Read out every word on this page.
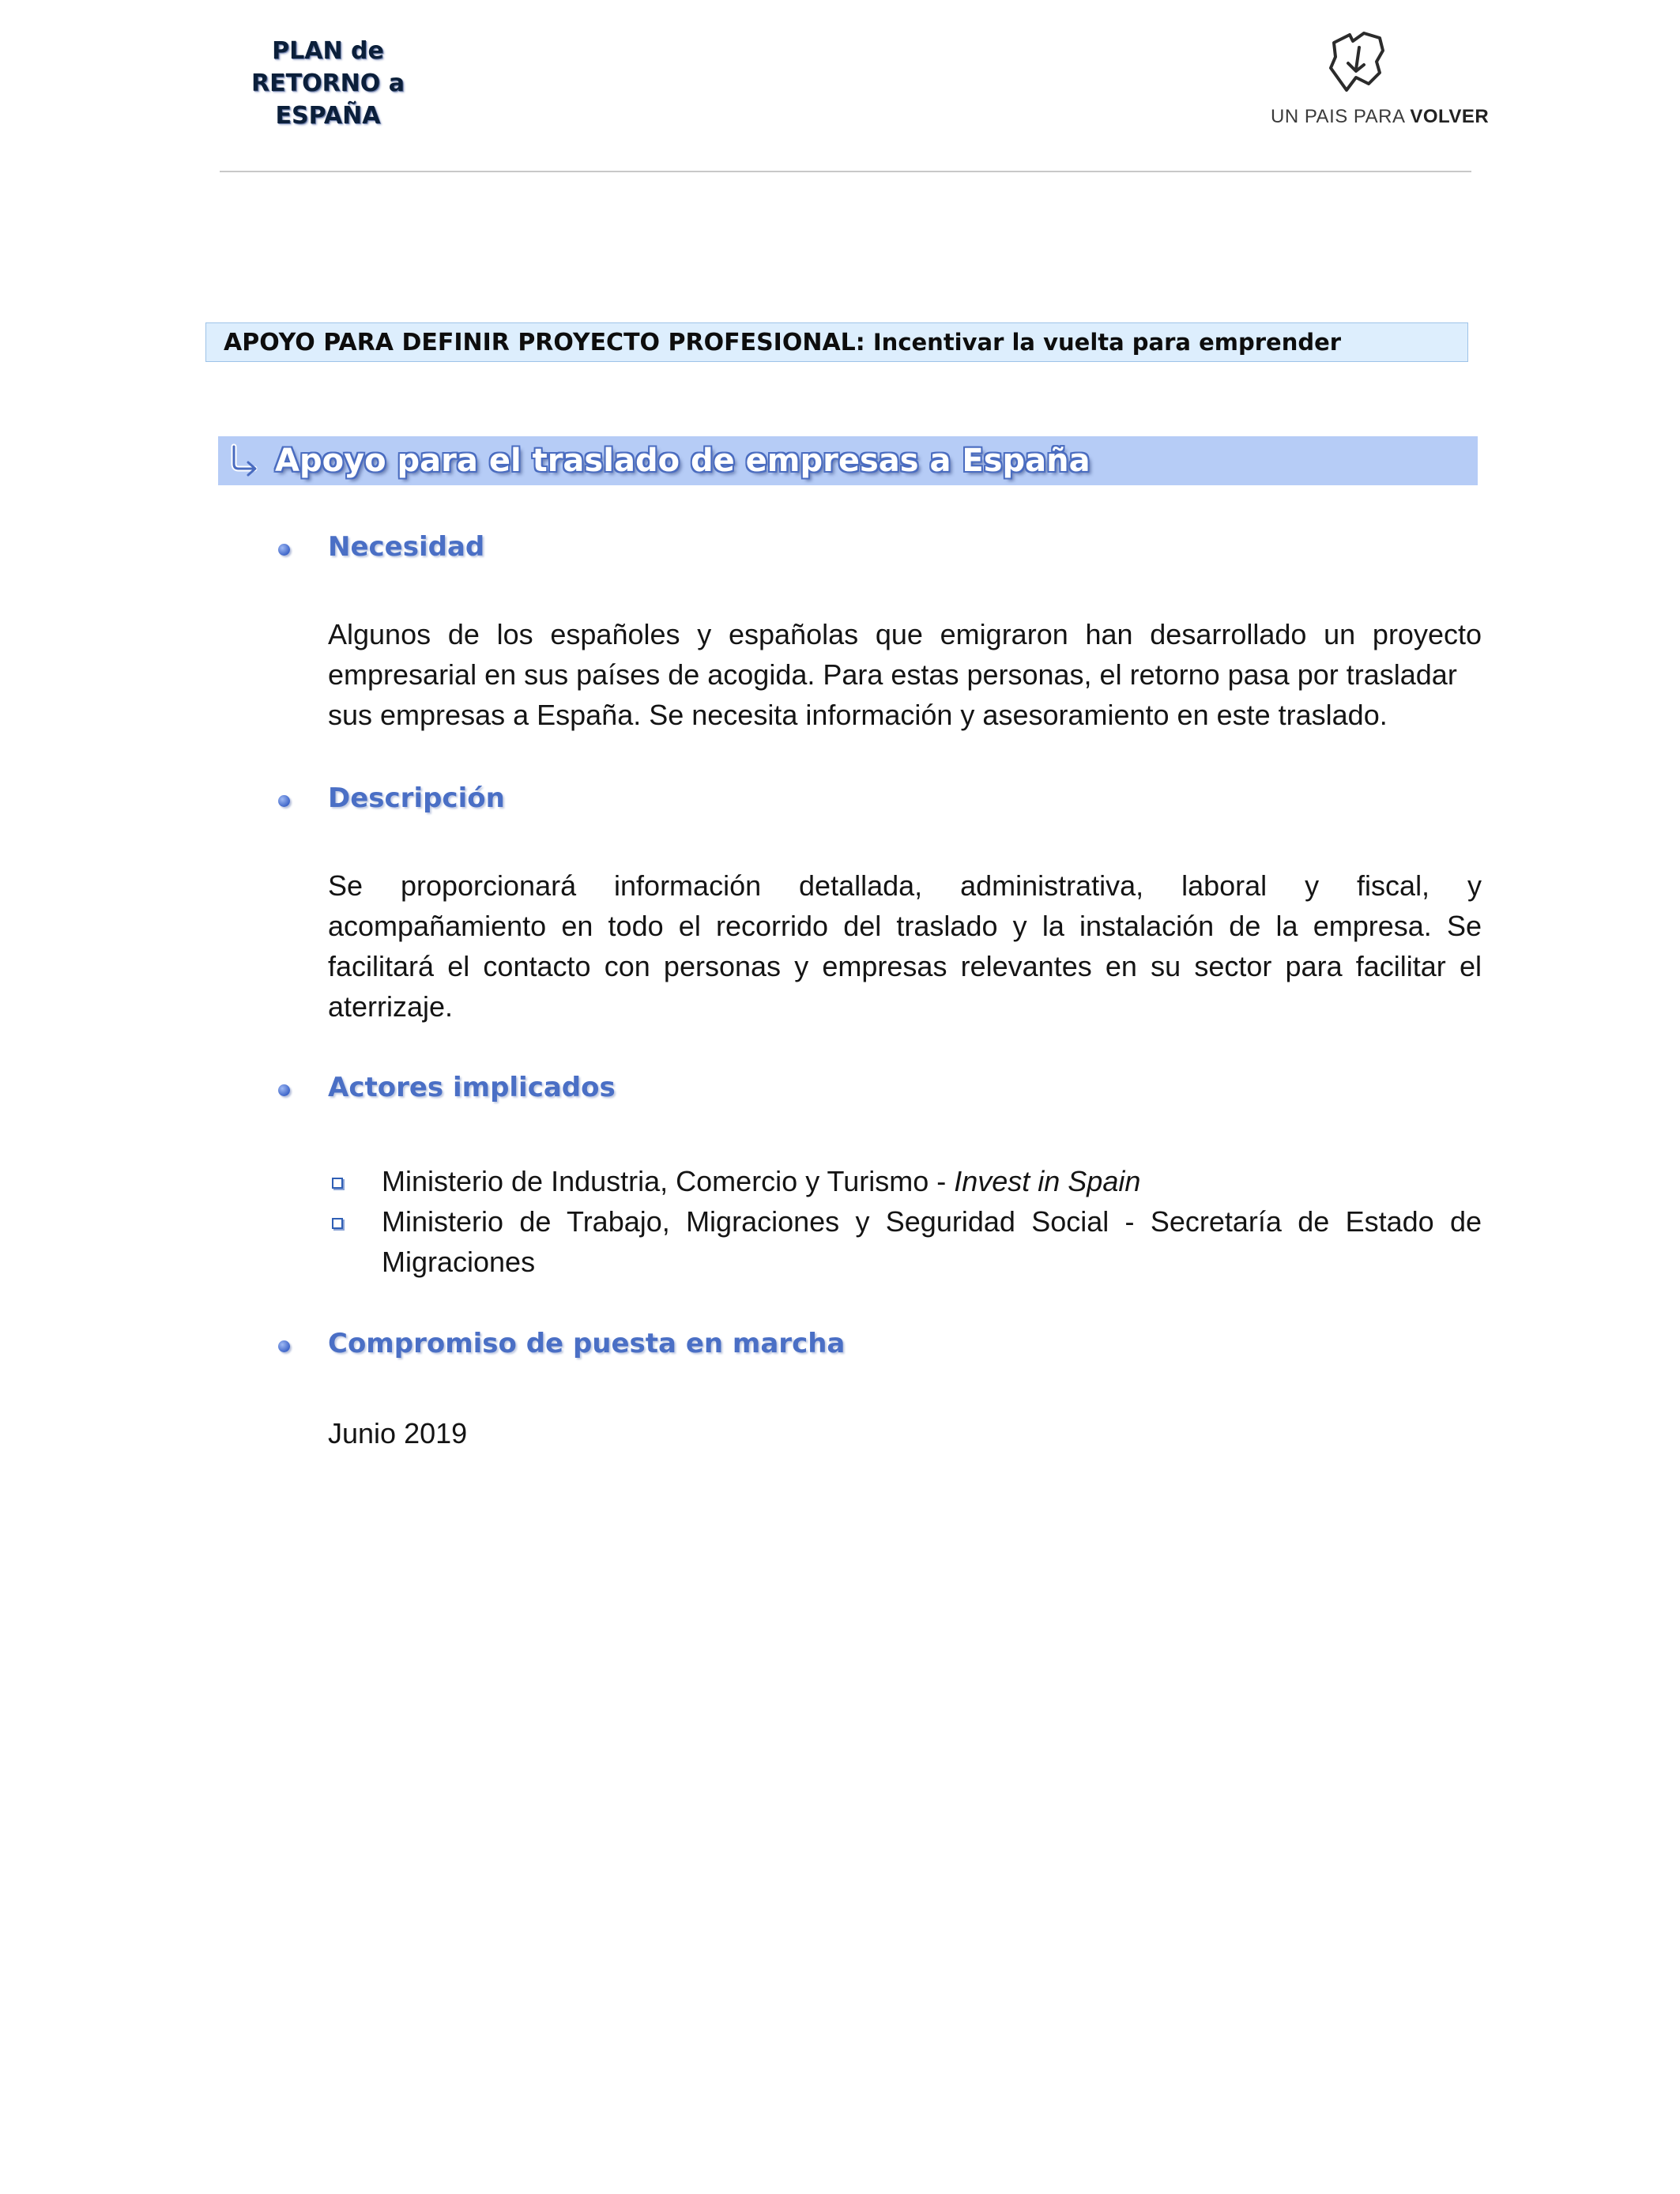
PLAN de
RETORNO a
ESPAÑA	UN PAIS PARA VOLVER
APOYO PARA DEFINIR PROYECTO PROFESIONAL: Incentivar la vuelta para emprender
Apoyo para el traslado de empresas a España
Necesidad
Algunos de los españoles y españolas que emigraron han desarrollado un proyecto
empresarial en sus países de acogida. Para estas personas, el retorno pasa por trasladar
sus empresas a España. Se necesita información y asesoramiento en este traslado.
Descripción
Se proporcionará información detallada, administrativa, laboral y fiscal, y
acompañamiento en todo el recorrido del traslado y la instalación de la empresa. Se
facilitará el contacto con personas y empresas relevantes en su sector para facilitar el
aterrizaje.
Actores implicados
Ministerio de Industria, Comercio y Turismo - Invest in Spain
Ministerio de Trabajo, Migraciones y Seguridad Social - Secretaría de Estado de
Migraciones
Compromiso de puesta en marcha
Junio 2019
